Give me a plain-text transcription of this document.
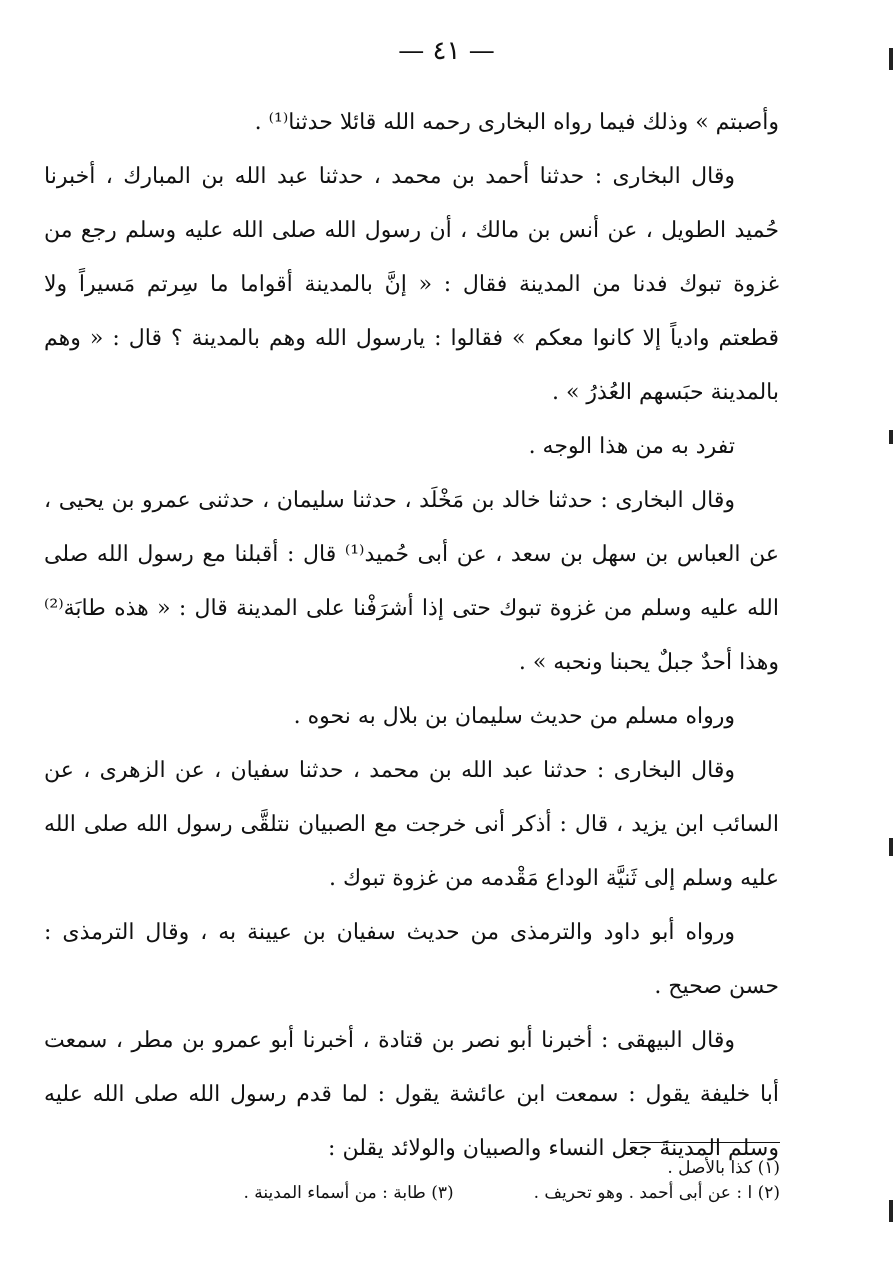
— ٤١ —

وأصبتم » وذلك فيما رواه البخارى رحمه الله قائلا حدثنا⁽¹⁾ .

وقال البخارى : حدثنا أحمد بن محمد ، حدثنا عبد الله بن المبارك ، أخبرنا حُميد الطويل ، عن أنس بن مالك ، أن رسول الله صلى الله عليه وسلم رجع من غزوة تبوك فدنا من المدينة فقال : « إنَّ بالمدينة أقواما ما سِرتم مَسيراً ولا قطعتم وادياً إلا كانوا معكم » فقالوا : يارسول الله وهم بالمدينة ؟ قال : « وهم بالمدينة حبَسهم العُذرُ » .

تفرد به من هذا الوجه .

وقال البخارى : حدثنا خالد بن مَخْلَد ، حدثنا سليمان ، حدثنى عمرو بن يحيى ، عن العباس بن سهل بن سعد ، عن أبى حُميد⁽¹⁾ قال : أقبلنا مع رسول الله صلى الله عليه وسلم من غزوة تبوك حتى إذا أشرَفْنا على المدينة قال : « هذه طابَة⁽²⁾ وهذا أحدٌ جبلٌ يحبنا ونحبه » .

ورواه مسلم من حديث سليمان بن بلال به نحوه .

وقال البخارى : حدثنا عبد الله بن محمد ، حدثنا سفيان ، عن الزهرى ، عن السائب ابن يزيد ، قال : أذكر أنى خرجت مع الصبيان نتلقَّى رسول الله صلى الله عليه وسلم إلى ثَنيَّة الوداع مَقْدمه من غزوة تبوك .

ورواه أبو داود والترمذى من حديث سفيان بن عيينة به ، وقال الترمذى : حسن صحيح .

وقال البيهقى : أخبرنا أبو نصر بن قتادة ، أخبرنا أبو عمرو بن مطر ، سمعت أبا خليفة يقول : سمعت ابن عائشة يقول : لما قدم رسول الله صلى الله عليه وسلم المدينةَ جعل النساء والصبيان والولائد يقلن :

(١) كذا بالأصل .
(٢) ا : عن أبى أحمد . وهو تحريف .
(٣) طابة : من أسماء المدينة .
